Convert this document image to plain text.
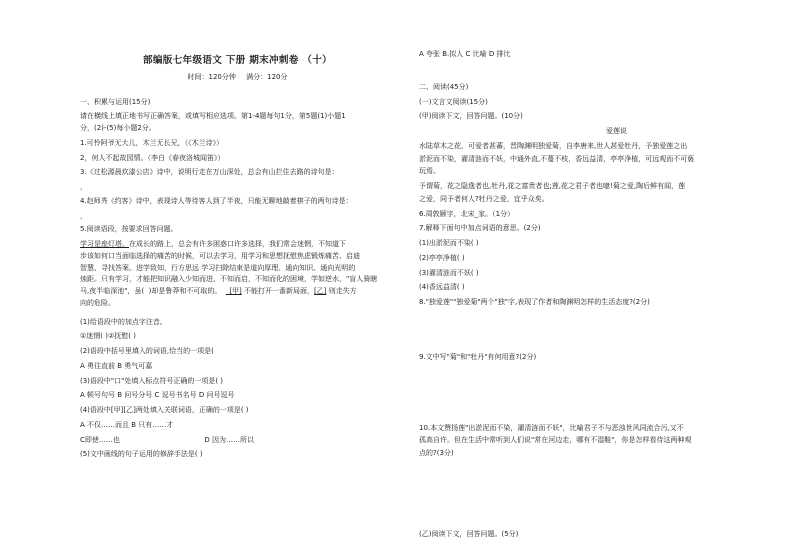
部编版七年级语文 下册 期末冲刺卷 （十）
时间：120分钟 满分：120分

一、积累与运用(15分)

请在横线上填正地书写正确答案，或填写相应选项。第1-4题每句1分，第5题(1)小题1

分，(2)-(5)每小题2分。

1.可怜阿爷无大儿，木兰无长兄，（《木兰诗》）

2，何人不起故园情。（李白《春夜洛城闻笛》）

3.《过松源晨炊漆公店》诗中，说明行走在万山深处，总会有山拦住去路的诗句是：

，

4.赵师秀《约客》诗中，表现诗人等待客人到了半夜，只能无聊地敲着棋子的两句诗是：

，

5.阅读语段，按要求回答问题。

学习是座灯塔。在成长的路上，总会有许多困惑口许多选择，我们常会迷惘，不知道下

步该如何口当面临选择的痛苦的时候，可以去学习，用学习和思想抚慰焦虑锻炼痛苦、启迪

智慧、寻找答案。进学致知，行方思远 学习扫除结束是道向厚理、通向知识、通向光明的

烛距。只有学习，才能把知识融入少知而进，不知而启，不知而化的困境，学如逆水，"盲人骑瞎

马,夜半临深池"，虽( )却是鲁莽和不可取的。 _[甲] 不能打开一番新局面，[乙] 则走失方

向的危险。

(1)给语段中的加点字注音。

①迷惘( )②抚慰( )

(2)语段中括号里填入的词语,恰当的一项是(

A 勇往直前 B 勇气可嘉

(3)语段中"口"处填入标点符号正确的一项是( )

A 顿号句号 B 问号分号 C 逗号书名号 D 问号逗号

(4)语段中[甲][乙]两处填入关联词语，正确的一项是( )

A 不仅……而且 B 只有……才

C即使……也	D 因为……所以

(5)文中画线的句子运用的修辞手法是( )

A 夸张 B.拟人 C 比喻 D 排比

二、阅读(45分)

(一)文言文阅读(15分)

(甲)阅读下文，回答问题。(10分)

爱莲说

水陆草木之花，可爱者甚蕃，晋陶渊明独爱菊，自李唐来,世人甚爱牡丹，予独爱莲之出

淤泥而不染，濯清涟而不妖，中通外直,不蔓不枝，香远益清，亭亭净植，可远观而不可亵

玩焉。

予谓菊，花之隐逸者也,牡丹,花之富贵者也;莲,花之君子者也噫!菊之爱,陶后鲜有闻，莲

之爱，同予者何人?牡丹之爱，宜乎众矣。

6.周敦颐字，北宋_家。（1分）

7.解释下面句中加点词语的意思。(2分)

(1)出淤泥而不染( )

(2)亭亭净植( )

(3)濯清涟而不妖( )

(4)香远益清( )

8."独爱莲""独爱菊"两个"独"字,表现了作者和陶渊明怎样的生活态度?(2分)

9.文中写"菊"和"牡丹"有何用意?(2分)

10.本文赞扬莲"出淤泥而不染，濯清涟而不妖"，比喻君子不与恶浊世风同流合污,又不

孤高自许。但在生活中常听到人们说"常在河边走，哪有不湿鞋"，你是怎样看待这两种观

点的?(3分)

(乙)阅读下文，回答问题。(5分)
